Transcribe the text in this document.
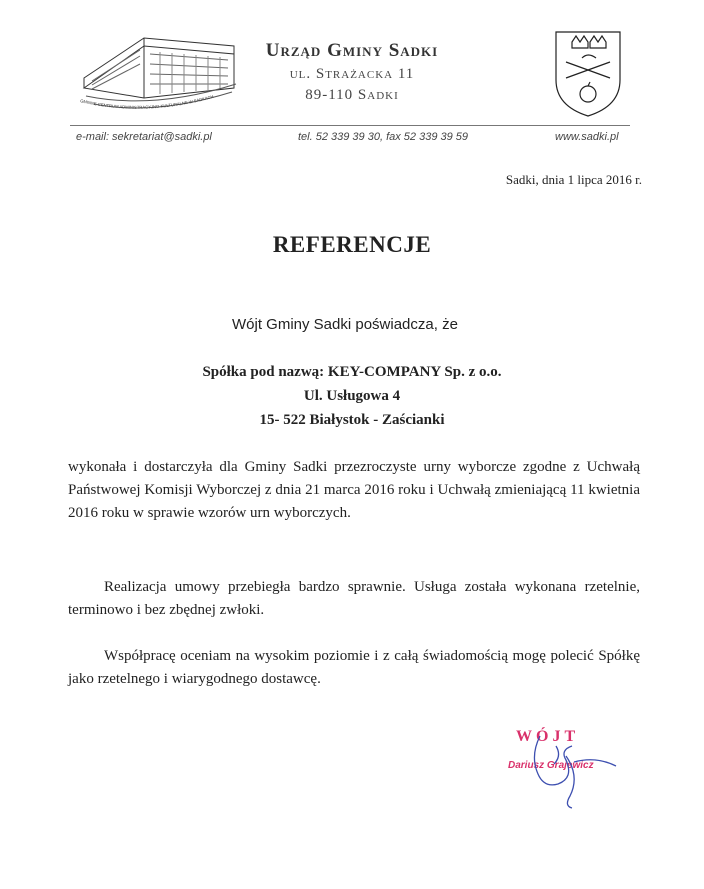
GMINNE CENTRUM ADMINISTRACYJNO-KULTURALNE W SADKACH
Urząd Gminy Sadki
ul. Strażacka 11
89-110 Sadki
e-mail: sekretariat@sadki.pl	tel. 52 339 39 30, fax 52 339 39 59	www.sadki.pl
Sadki, dnia 1 lipca 2016 r.
REFERENCJE
Wójt Gminy Sadki poświadcza, że
Spółka pod nazwą: KEY-COMPANY Sp. z o.o.
Ul. Usługowa 4
15- 522 Białystok - Zaścianki
wykonała i dostarczyła dla Gminy Sadki przezroczyste urny wyborcze zgodne z Uchwałą Państwowej Komisji Wyborczej z dnia 21 marca 2016 roku i Uchwałą zmieniającą 11 kwietnia 2016 roku w sprawie wzorów urn wyborczych.
Realizacja umowy przebiegła bardzo sprawnie. Usługa została wykonana rzetelnie, terminowo i bez zbędnej zwłoki.
Współpracę oceniam na wysokim poziomie i z całą świadomością mogę polecić Spółkę jako rzetelnego i wiarygodnego dostawcę.
WÓJT
Dariusz Grajewicz
